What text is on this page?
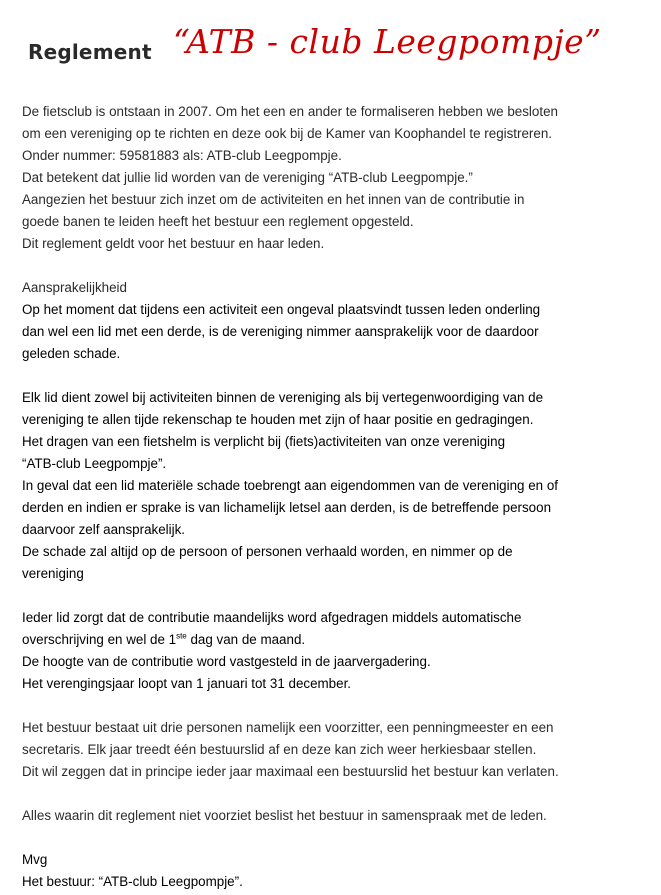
Reglement “ATB - club Leegpompje”
De fietsclub is ontstaan in 2007. Om het een en ander te formaliseren hebben we besloten
om een vereniging op te richten en deze ook bij de Kamer van Koophandel te registreren.
Onder nummer: 59581883 als: ATB-club Leegpompje.
Dat betekent dat jullie lid worden van de vereniging “ATB-club Leegpompje.”
Aangezien het bestuur zich inzet om de activiteiten en het innen van de contributie in
goede banen te leiden heeft het bestuur een reglement opgesteld.
Dit reglement geldt voor het bestuur en haar leden.
Aansprakelijkheid
Op het moment dat tijdens een activiteit een ongeval plaatsvindt tussen leden onderling
dan wel een lid met een derde, is de vereniging nimmer aansprakelijk voor de daardoor
geleden schade.
Elk lid dient zowel bij activiteiten binnen de vereniging als bij vertegenwoordiging van de
vereniging te allen tijde rekenschap te houden met zijn of haar positie en gedragingen.
Het dragen van een fietshelm is verplicht bij (fiets)activiteiten van onze vereniging
“ATB-club Leegpompje”.
In geval dat een lid materiële schade toebrengt aan eigendommen van de vereniging en of
derden en indien er sprake is van lichamelijk letsel aan derden, is de betreffende persoon
daarvoor zelf aansprakelijk.
De schade zal altijd op de persoon of personen verhaald worden, en nimmer op de
vereniging
Ieder lid zorgt dat de contributie maandelijks word afgedragen middels automatische
overschrijving en wel de 1ste dag van de maand.
De hoogte van de contributie word vastgesteld in de jaarvergadering.
Het verengingsjaar loopt van 1 januari tot 31 december.
Het bestuur bestaat uit drie personen namelijk een voorzitter, een penningmeester en een
secretaris. Elk jaar treedt één bestuurslid af en deze kan zich weer herkiesbaar stellen.
Dit wil zeggen dat in principe ieder jaar maximaal een bestuurslid het bestuur kan verlaten.
Alles waarin dit reglement niet voorziet beslist het bestuur in samenspraak met de leden.
Mvg
Het bestuur: “ATB-club Leegpompje”.
